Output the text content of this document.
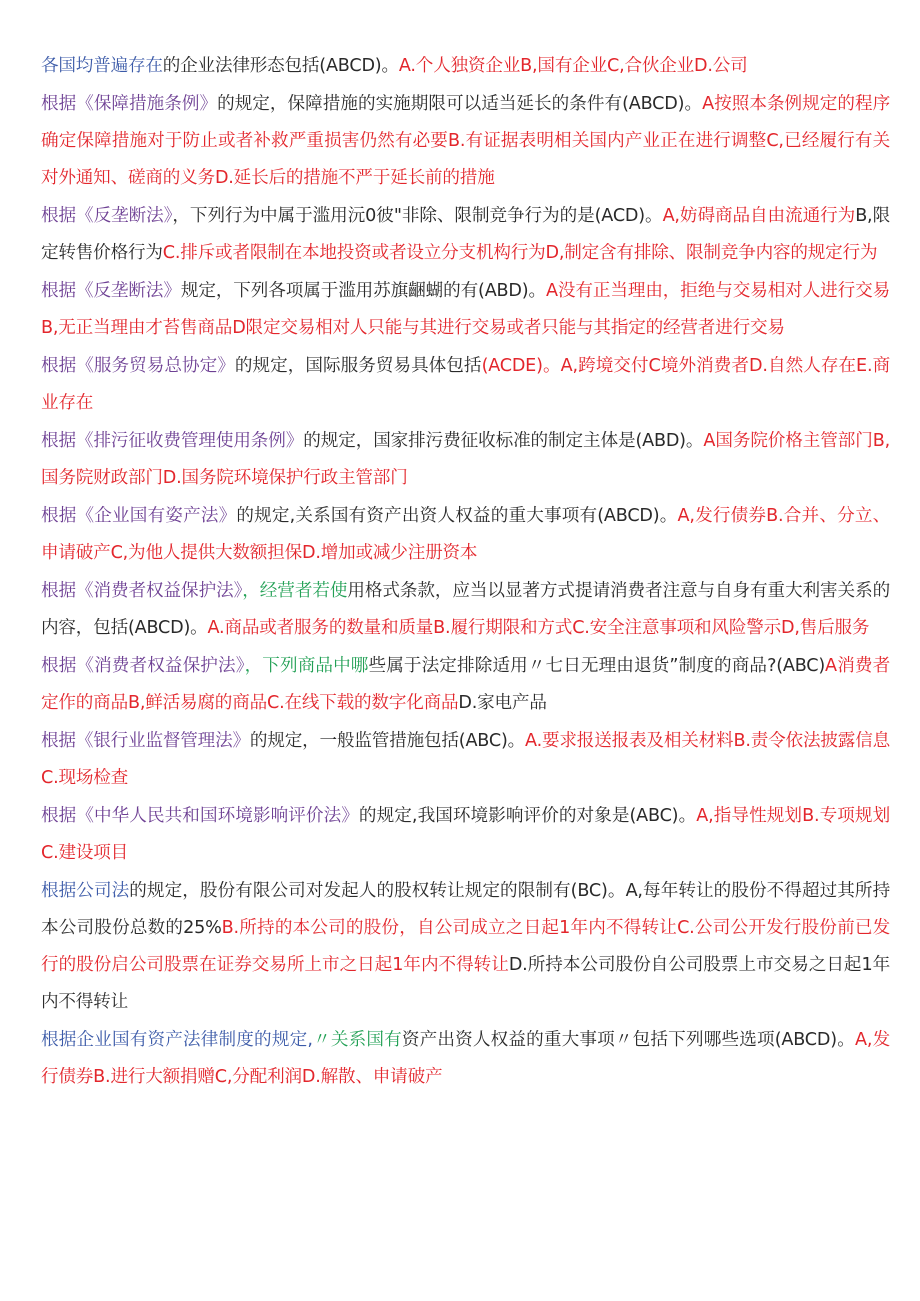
各国均普遍存在的企业法律形态包括(ABCD)。A.个人独资企业B,国有企业C,合伙企业D.公司

根据《保障措施条例》的规定，保障措施的实施期限可以适当延长的条件有(ABCD)。A按照本条例规定的程序确定保障措施对于防止或者补救严重损害仍然有必要B.有证据表明相关国内产业正在进行调整C,已经履行有关对外通知、磋商的义务D.延长后的措施不严于延长前的措施

根据《反垄断法》，下列行为中属于滥用沅0彼"非除、限制竞争行为的是(ACD)。A,妨碍商品自由流通行为B,限定转售价格行为C.排斥或者限制在本地投资或者设立分支机构行为D,制定含有排除、限制竞争内容的规定行为

根据《反垄断法》规定，下列各项属于滥用苏旗齫蝴的有(ABD)。A没有正当理由，拒绝与交易相对人进行交易B,无正当理由才苔售商品D限定交易相对人只能与其进行交易或者只能与其指定的经营者进行交易

根据《服务贸易总协定》的规定，国际服务贸易具体包括(ACDE)。A,跨境交付C境外消费者D.自然人存在E.商业存在

根据《排污征收费管理使用条例》的规定，国家排污费征收标准的制定主体是(ABD)。A国务院价格主管部门B,国务院财政部门D.国务院环境保护行政主管部门

根据《企业国有姿产法》的规定,关系国有资产出资人权益的重大事项有(ABCD)。A,发行债券B.合并、分立、申请破产C,为他人提供大数额担保D.增加或减少注册资本

根据《消费者权益保护法》，经营者若使用格式条款，应当以显著方式提请消费者注意与自身有重大利害关系的内容，包括(ABCD)。A.商品或者服务的数量和质量B.履行期限和方式C.安全注意事项和风险警示D,售后服务

根据《消费者权益保护法》，下列商品中哪些属于法定排除适用〃七日无理由退货”制度的商品?(ABC)A消费者定作的商品B,鲜活易腐的商品C.在线下载的数字化商品D.家电产品

根据《银行业监督管理法》的规定，一般监管措施包括(ABC)。A.要求报送报表及相关材料B.责令依法披露信息C.现场检查

根据《中华人民共和国环境影响评价法》的规定,我国环境影响评价的对象是(ABC)。A,指导性规划B.专项规划C.建设项目

根据公司法的规定，股份有限公司对发起人的股权转让规定的限制有(BC)。A,每年转让的股份不得超过其所持本公司股份总数的25%B.所持的本公司的股份，自公司成立之日起1年内不得转让C.公司公开发行股份前已发行的股份启公司股票在证券交易所上市之日起1年内不得转让D.所持本公司股份自公司股票上市交易之日起1年内不得转让

根据企业国有资产法律制度的规定,〃关系国有资产出资人权益的重大事项〃包括下列哪些选项(ABCD)。A,发行债券B.进行大额捐赠C,分配利润D.解散、申请破产
